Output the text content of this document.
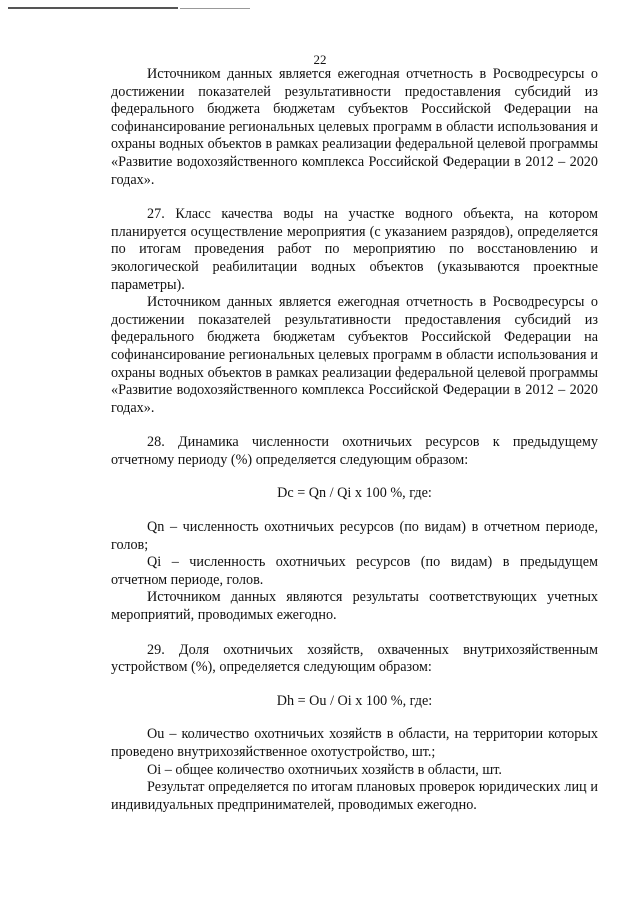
22

Источником данных является ежегодная отчетность в Росводресурсы о достижении показателей результативности предоставления субсидий из федерального бюджета бюджетам субъектов Российской Федерации на софинансирование региональных целевых программ в области использования и охраны водных объектов в рамках реализации федеральной целевой программы «Развитие водохозяйственного комплекса Российской Федерации в 2012 – 2020 годах».

27. Класс качества воды на участке водного объекта, на котором планируется осуществление мероприятия (с указанием разрядов), определяется по итогам проведения работ по мероприятию по восстановлению и экологической реабилитации водных объектов (указываются проектные параметры).

Источником данных является ежегодная отчетность в Росводресурсы о достижении показателей результативности предоставления субсидий из федерального бюджета бюджетам субъектов Российской Федерации на софинансирование региональных целевых программ в области использования и охраны водных объектов в рамках реализации федеральной целевой программы «Развитие водохозяйственного комплекса Российской Федерации в 2012 – 2020 годах».

28. Динамика численности охотничьих ресурсов к предыдущему отчетному периоду (%) определяется следующим образом:

Dc = Qn / Qi x 100 %, где:

Qn – численность охотничьих ресурсов (по видам) в отчетном периоде, голов;

Qi – численность охотничьих ресурсов (по видам) в предыдущем отчетном периоде, голов.

Источником данных являются результаты соответствующих учетных мероприятий, проводимых ежегодно.

29. Доля охотничьих хозяйств, охваченных внутрихозяйственным устройством (%), определяется следующим образом:

Dh = Ou / Oi x 100 %, где:

Ou – количество охотничьих хозяйств в области, на территории которых проведено внутрихозяйственное охотустройство, шт.;

Oi – общее количество охотничьих хозяйств в области, шт.

Результат определяется по итогам плановых проверок юридических лиц и индивидуальных предпринимателей, проводимых ежегодно.
